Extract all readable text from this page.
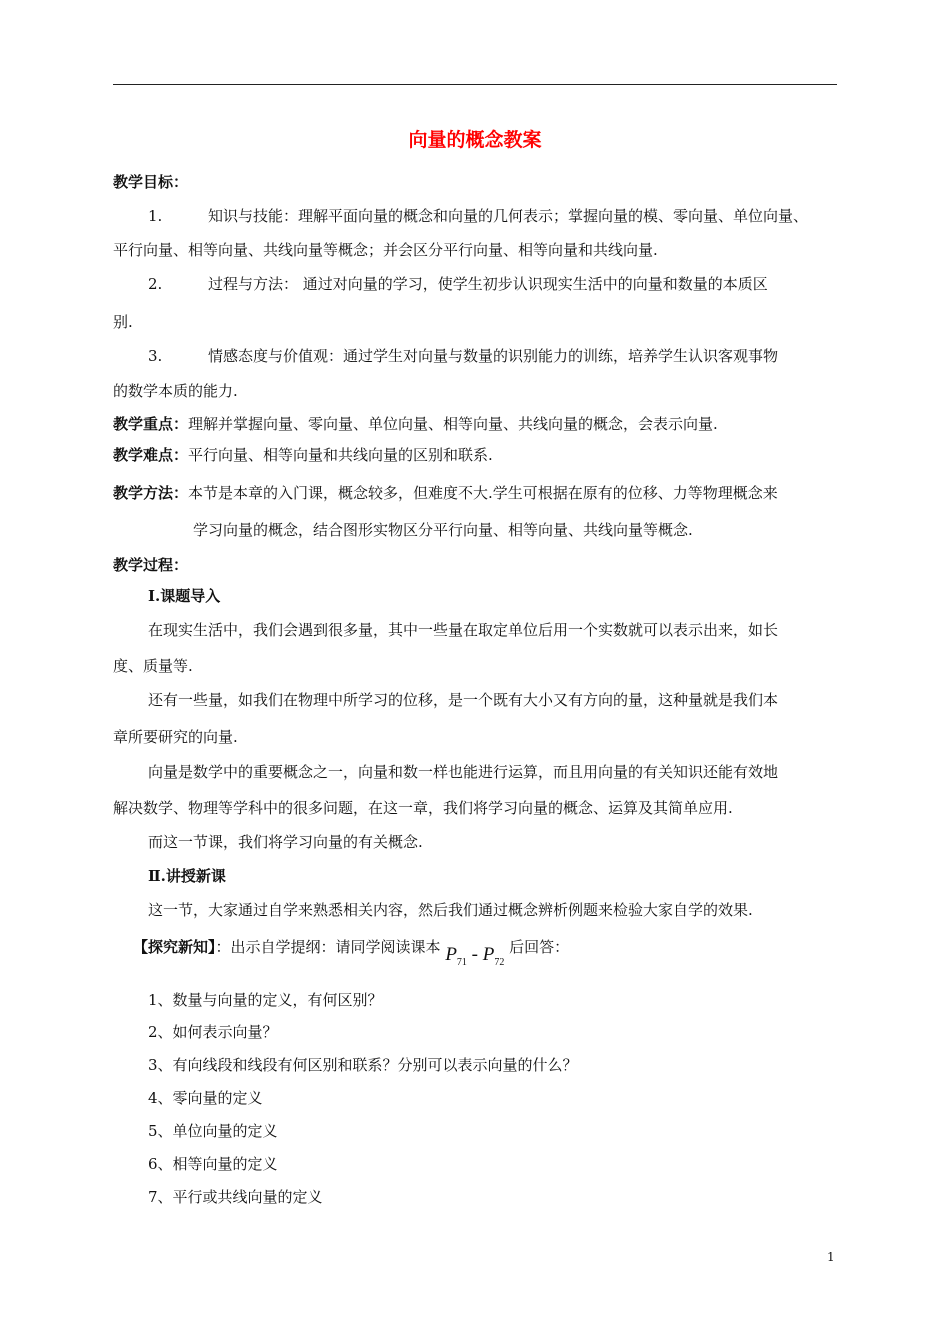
向量的概念教案
教学目标：
1.	知识与技能：理解平面向量的概念和向量的几何表示；掌握向量的模、零向量、单位向量、
平行向量、相等向量、共线向量等概念；并会区分平行向量、相等向量和共线向量.
2.	过程与方法： 通过对向量的学习，使学生初步认识现实生活中的向量和数量的本质区
别.
3.	情感态度与价值观：通过学生对向量与数量的识别能力的训练，培养学生认识客观事物
的数学本质的能力.
教学重点：理解并掌握向量、零向量、单位向量、相等向量、共线向量的概念，会表示向量.
教学难点：平行向量、相等向量和共线向量的区别和联系.
教学方法：本节是本章的入门课，概念较多，但难度不大.学生可根据在原有的位移、力等物理概念来
学习向量的概念，结合图形实物区分平行向量、相等向量、共线向量等概念.
教学过程：
Ⅰ.课题导入
在现实生活中，我们会遇到很多量，其中一些量在取定单位后用一个实数就可以表示出来，如长
度、质量等.
还有一些量，如我们在物理中所学习的位移，是一个既有大小又有方向的量，这种量就是我们本
章所要研究的向量.
向量是数学中的重要概念之一，向量和数一样也能进行运算，而且用向量的有关知识还能有效地
解决数学、物理等学科中的很多问题，在这一章，我们将学习向量的概念、运算及其简单应用.
而这一节课，我们将学习向量的有关概念.
Ⅱ.讲授新课
这一节，大家通过自学来熟悉相关内容，然后我们通过概念辨析例题来检验大家自学的效果.
【探究新知】：出示自学提纲：请同学阅读课本 $P_{71} - P_{72}$ 后回答：
1、数量与向量的定义，有何区别？
2、如何表示向量？
3、有向线段和线段有何区别和联系？分别可以表示向量的什么？
4、零向量的定义
5、单位向量的定义
6、相等向量的定义
7、平行或共线向量的定义
1
